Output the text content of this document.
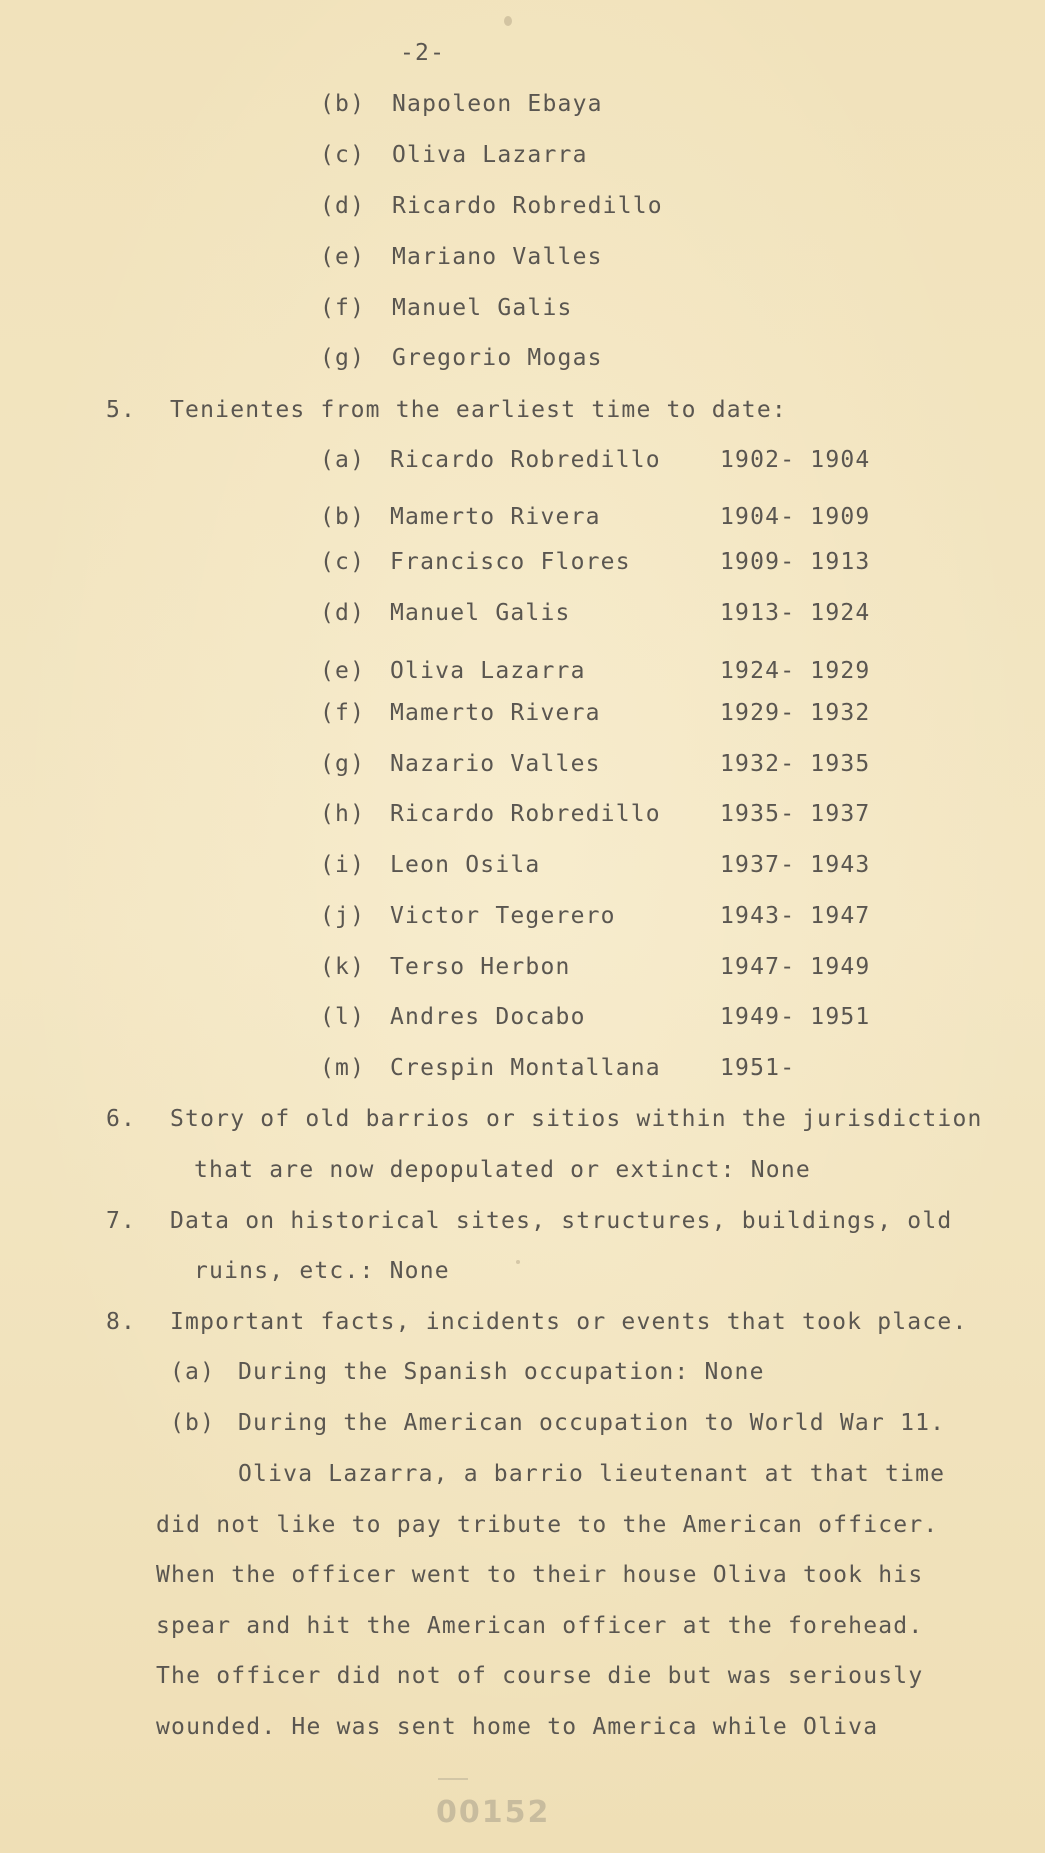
-2-
(b) Napoleon Ebaya
(c) Oliva Lazarra
(d) Ricardo Robredillo
(e) Mariano Valles
(f) Manuel Galis
(g) Gregorio Mogas
5. Tenientes from the earliest time to date:
(a) Ricardo Robredillo	1902- 1904
(b) Mamerto Rivera	1904- 1909
(c) Francisco Flores	1909- 1913
(d) Manuel Galis	1913- 1924
(e) Oliva Lazarra	1924- 1929
(f) Mamerto Rivera	1929- 1932
(g) Nazario Valles	1932- 1935
(h) Ricardo Robredillo	1935- 1937
(i) Leon Osila	1937- 1943
(j) Victor Tegerero	1943- 1947
(k) Terso Herbon	1947- 1949
(l) Andres Docabo	1949- 1951
(m) Crespin Montallana	1951-
6. Story of old barrios or sitios within the jurisdiction
that are now depopulated or extinct: None
7. Data on historical sites, structures, buildings, old
ruins, etc.: None
8. Important facts, incidents or events that took place.
(a) During the Spanish occupation: None
(b) During the American occupation to World War 11.
Oliva Lazarra, a barrio lieutenant at that time
did not like to pay tribute to the American officer.
When the officer went to their house Oliva took his
spear and hit the American officer at the forehead.
The officer did not of course die but was seriously
wounded. He was sent home to America while Oliva
00152
